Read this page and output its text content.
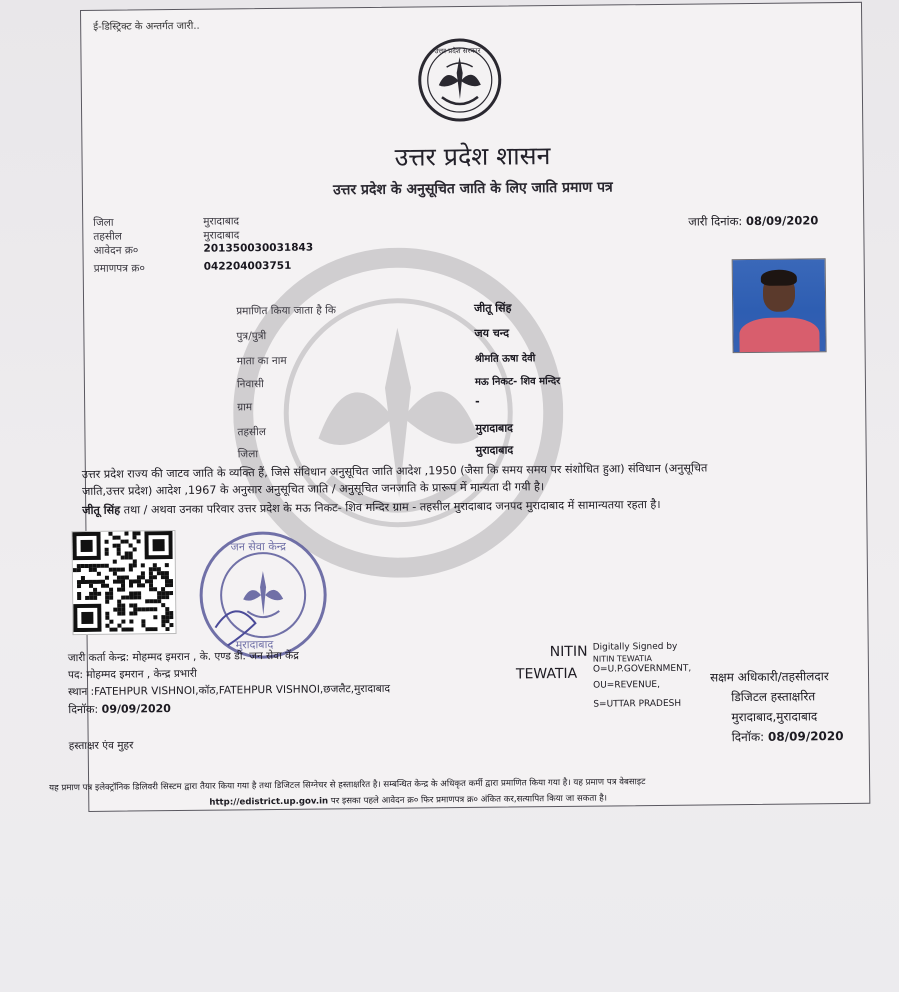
ई-डिस्ट्रिक्ट के अन्तर्गत जारी..
उत्तर प्रदेश सरकार
उत्तर प्रदेश शासन
उत्तर प्रदेश के अनुसूचित जाति के लिए जाति प्रमाण पत्र
जिला	मुरादाबाद
तहसील	मुरादाबाद
आवेदन क्र०	201350030031843
प्रमाणपत्र क्र०	042204003751
जारी दिनांक: 08/09/2020
प्रमाणित किया जाता है कि	जीतू सिंह
पुत्र/पुत्री	जय चन्द
माता का नाम	श्रीमति ऊषा देवी
निवासी	मऊ निकट- शिव मन्दिर
ग्राम	-
तहसील	मुरादाबाद
जिला	मुरादाबाद
उत्तर प्रदेश राज्य की जाटव जाति के व्यक्ति हैं, जिसे संविधान अनुसूचित जाति आदेश ,1950 (जैसा कि समय समय पर संशोधित हुआ) संविधान (अनुसूचित
जाति,उत्तर प्रदेश) आदेश ,1967 के अनुसार अनुसूचित जाति / अनुसूचित जनजाति के प्रारूप में मान्यता दी गयी है।
जीतू सिंह तथा / अथवा उनका परिवार उत्तर प्रदेश के मऊ निकट- शिव मन्दिर ग्राम - तहसील मुरादाबाद जनपद मुरादाबाद में सामान्यतया रहता है।
जन सेवा केन्द्र
मुरादाबाद
जारी कर्ता केन्द्र: मोहम्मद इमरान , के. एण्ड डी. जन सेवा केंद्र
पद: मोहम्मद इमरान , केन्द्र प्रभारी
स्थान :FATEHPUR VISHNOI,कॉठ,FATEHPUR VISHNOI,छजलैट,मुरादाबाद
दिनॉक: 09/09/2020
हस्ताक्षर एंव मुहर
NITIN
TEWATIA
Digitally Signed by
NITIN TEWATIA
O=U.P.GOVERNMENT,
OU=REVENUE,
S=UTTAR PRADESH
सक्षम अधिकारी/तहसीलदार
डिजिटल हस्ताक्षरित
मुरादाबाद,मुरादाबाद
दिनॉक: 08/09/2020
यह प्रमाण पत्र इलेक्ट्रॉनिक डिलिवरी सिस्टम द्वारा तैयार किया गया है तथा डिजिटल सिग्नेचर से हस्ताक्षरित है। सम्बन्धित केन्द्र के अधिकृत कर्मी द्वारा प्रमाणित किया गया है। यह प्रमाण पत्र वेबसाइट
http://edistrict.up.gov.in पर इसका पहले आवेदन क्र० फिर प्रमाणपत्र क्र० अंकित कर,सत्यापित किया जा सकता है।
